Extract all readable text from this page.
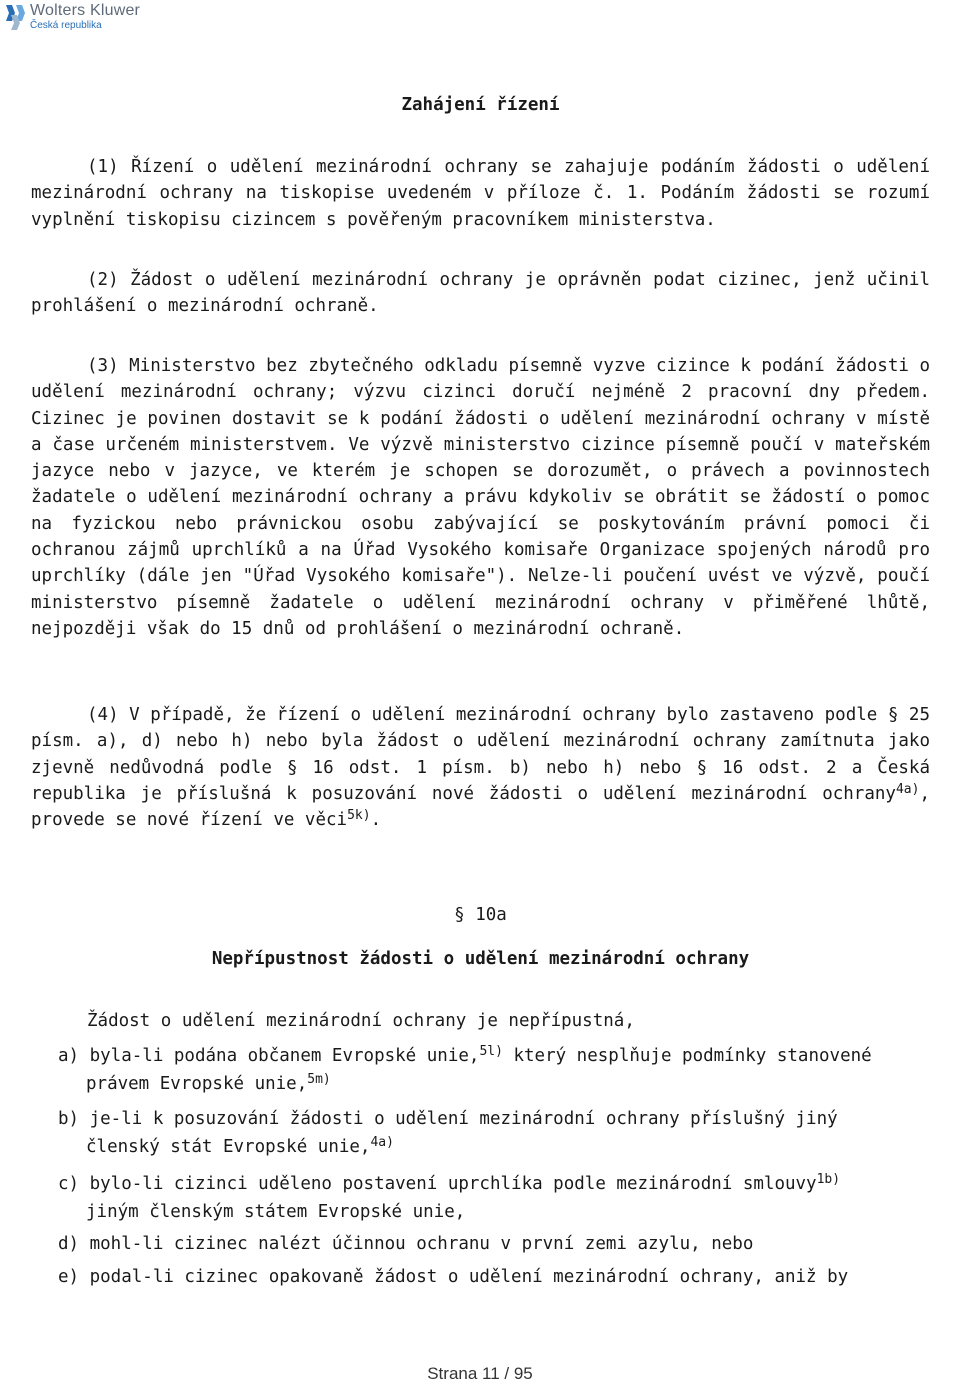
Wolters Kluwer
Česká republika
Zahájení řízení

(1) Řízení o udělení mezinárodní ochrany se zahajuje podáním žádosti o udělení mezinárodní ochrany na tiskopise uvedeném v příloze č. 1. Podáním žádosti se rozumí vyplnění tiskopisu cizincem s pověřeným pracovníkem ministerstva.

(2) Žádost o udělení mezinárodní ochrany je oprávněn podat cizinec, jenž učinil prohlášení o mezinárodní ochraně.

(3) Ministerstvo bez zbytečného odkladu písemně vyzve cizince k podání žádosti o udělení mezinárodní ochrany; výzvu cizinci doručí nejméně 2 pracovní dny předem. Cizinec je povinen dostavit se k podání žádosti o udělení mezinárodní ochrany v místě a čase určeném ministerstvem. Ve výzvě ministerstvo cizince písemně poučí v mateřském jazyce nebo v jazyce, ve kterém je schopen se dorozumět, o právech a povinnostech žadatele o udělení mezinárodní ochrany a právu kdykoliv se obrátit se žádostí o pomoc na fyzickou nebo právnickou osobu zabývající se poskytováním právní pomoci či ochranou zájmů uprchlíků a na Úřad Vysokého komisaře Organizace spojených národů pro uprchlíky (dále jen "Úřad Vysokého komisaře"). Nelze-li poučení uvést ve výzvě, poučí ministerstvo písemně žadatele o udělení mezinárodní ochrany v přiměřené lhůtě, nejpozději však do 15 dnů od prohlášení o mezinárodní ochraně.

(4) V případě, že řízení o udělení mezinárodní ochrany bylo zastaveno podle § 25 písm. a), d) nebo h) nebo byla žádost o udělení mezinárodní ochrany zamítnuta jako zjevně nedůvodná podle § 16 odst. 1 písm. b) nebo h) nebo § 16 odst. 2 a Česká republika je příslušná k posuzování nové žádosti o udělení mezinárodní ochrany$^{4a)}$, provede se nové řízení ve věci$^{5k)}$.

§ 10a
Nepřípustnost žádosti o udělení mezinárodní ochrany
Žádost o udělení mezinárodní ochrany je nepřípustná,
a) byla-li podána občanem Evropské unie,$^{5l)}$ který nesplňuje podmínky stanovené
právem Evropské unie,$^{5m)}$
b) je-li k posuzování žádosti o udělení mezinárodní ochrany příslušný jiný
členský stát Evropské unie,$^{4a)}$
c) bylo-li cizinci uděleno postavení uprchlíka podle mezinárodní smlouvy$^{1b)}$
jiným členským státem Evropské unie,
d) mohl-li cizinec nalézt účinnou ochranu v první zemi azylu, nebo
e) podal-li cizinec opakovaně žádost o udělení mezinárodní ochrany, aniž by
Strana 11 / 95
